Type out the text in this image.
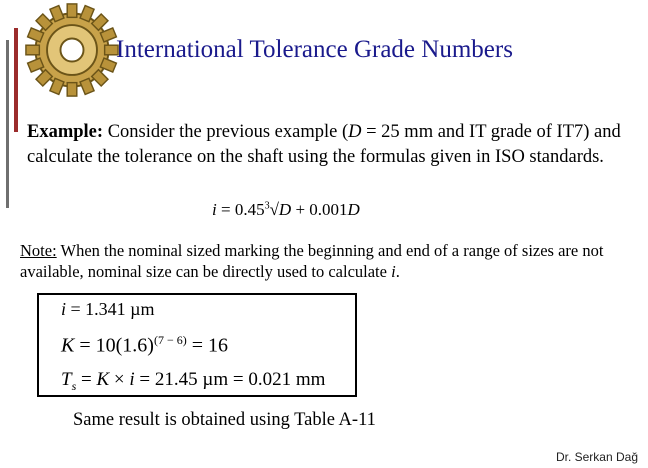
International Tolerance Grade Numbers
Example: Consider the previous example (D = 25 mm and IT grade of IT7) and calculate the tolerance on the shaft using the formulas given in ISO standards.
$i = 0.45^3√D + 0.001D$
Note: When the nominal sized marking the beginning and end of a range of sizes are not available, nominal size can be directly used to calculate i.
i = 1.341 µm
$K = 10(1.6)^{(7 - 6)} = 16$
$T_s = K \times i = 21.45$ µm = 0.021 mm
Same result is obtained using Table A-11
Dr. Serkan Dağ
